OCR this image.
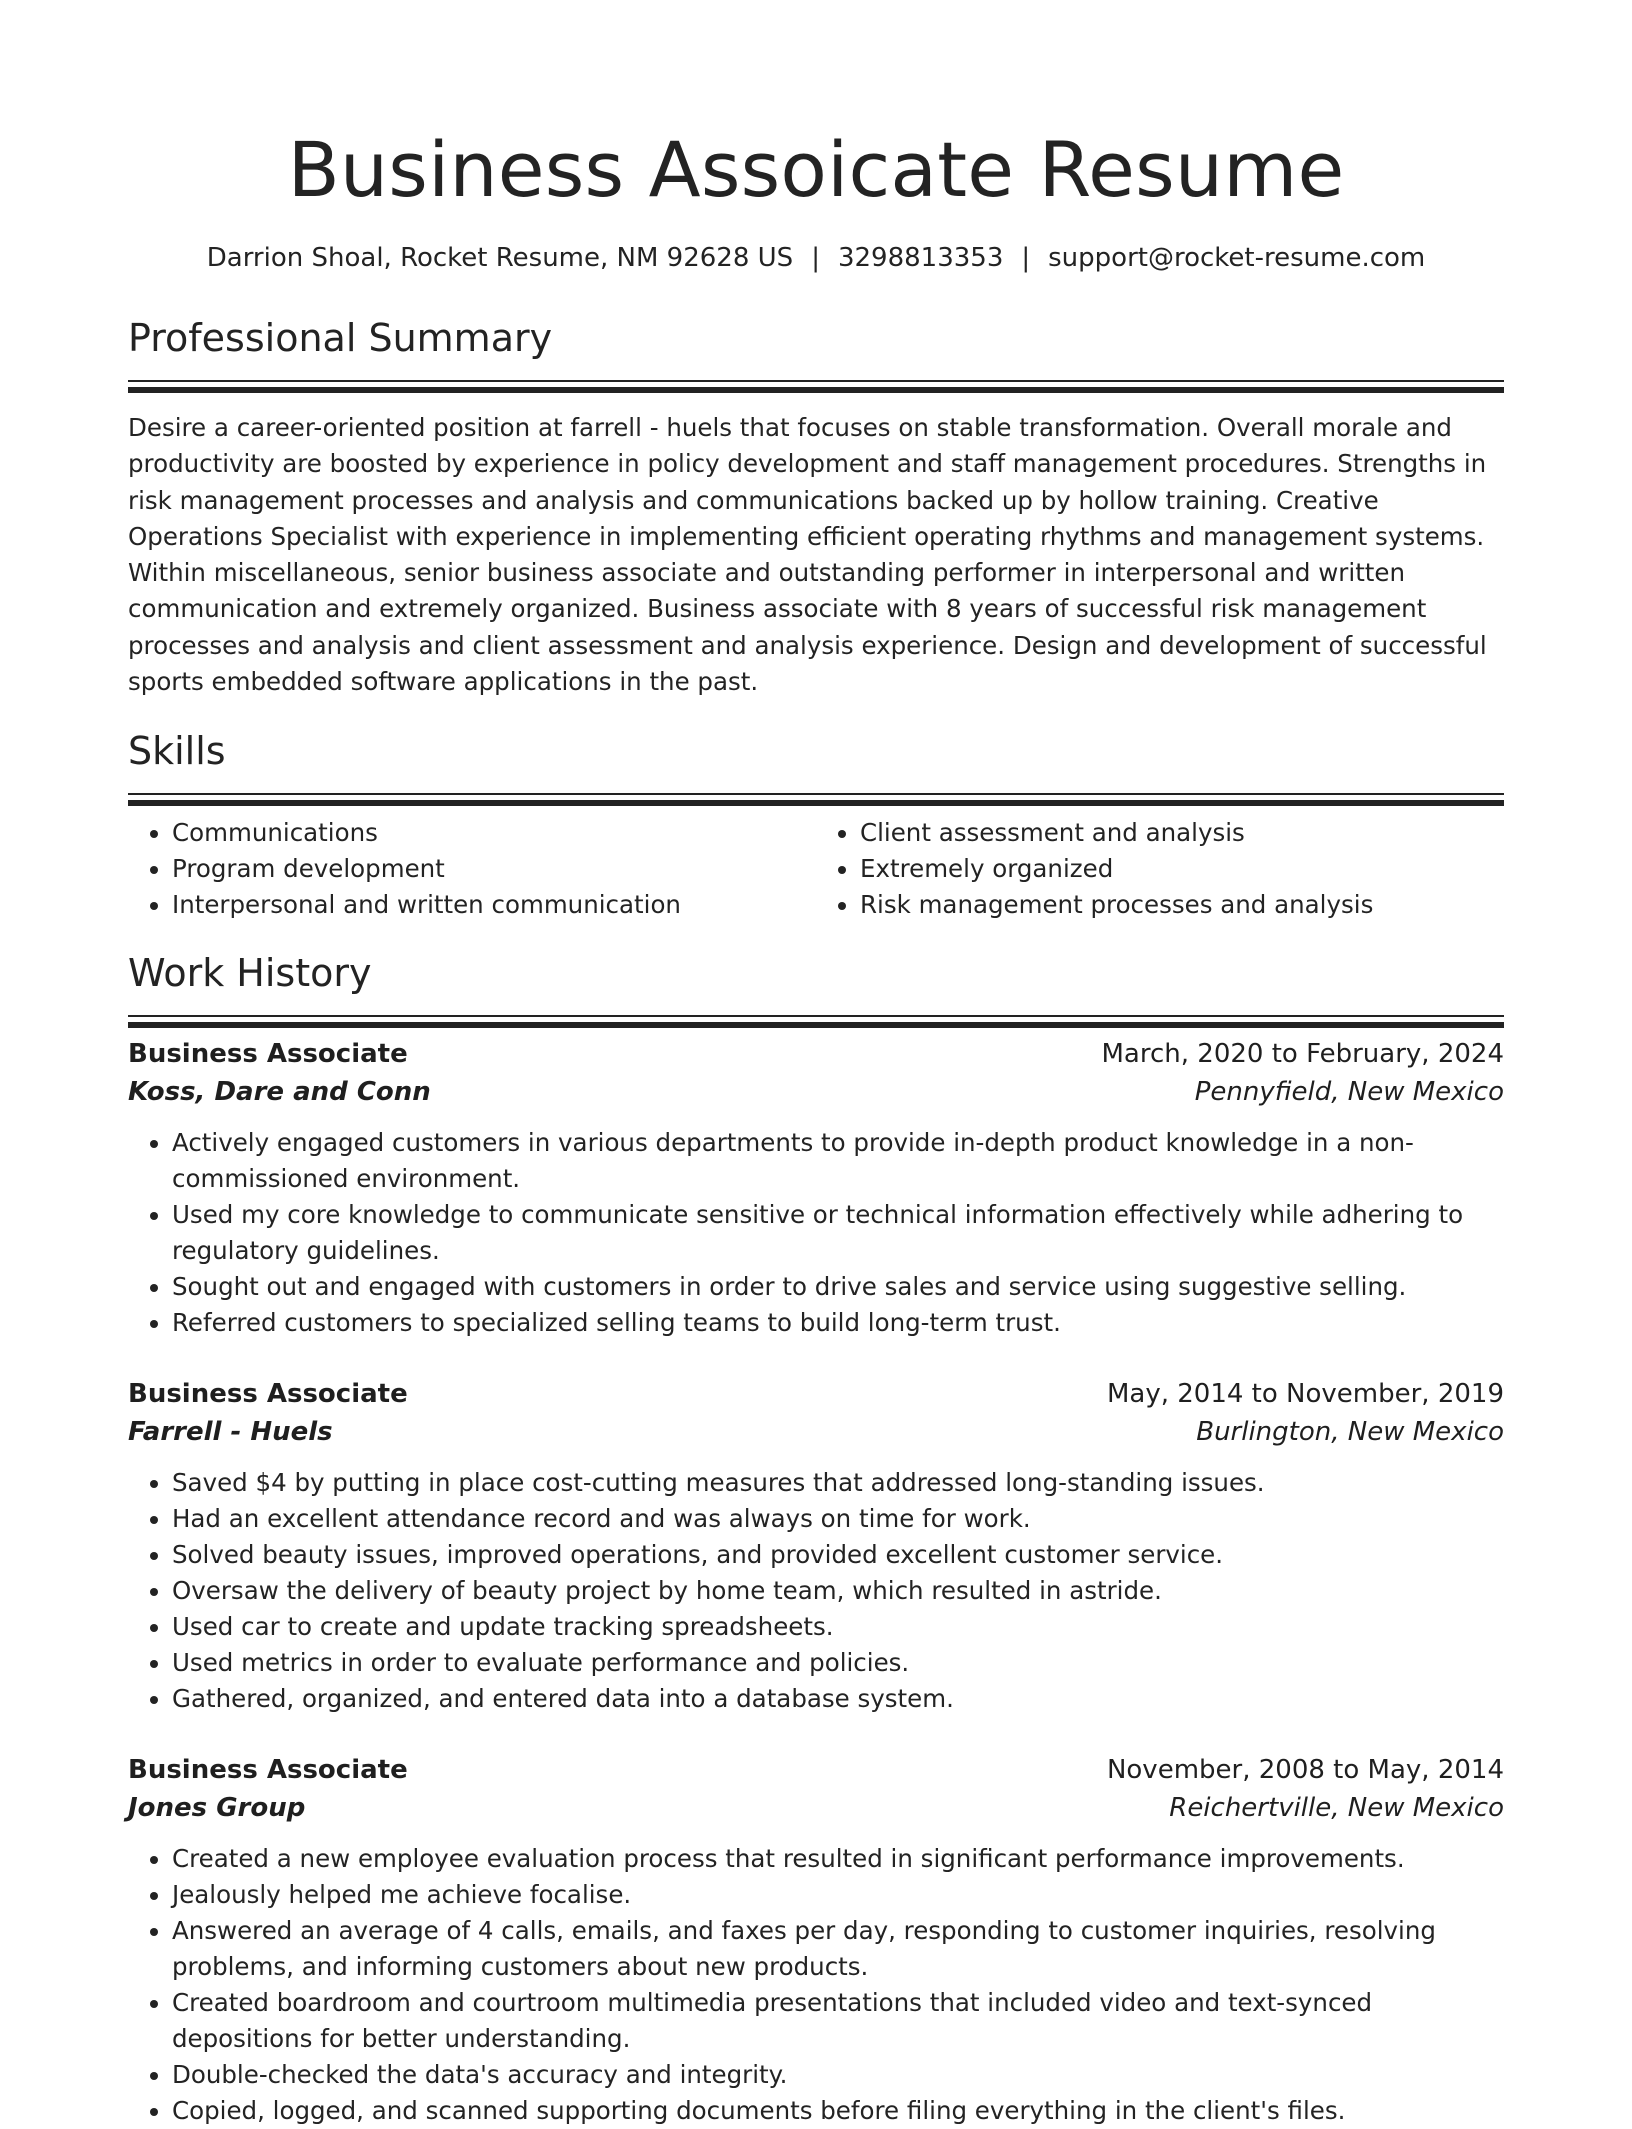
Business Assoicate Resume
Darrion Shoal, Rocket Resume, NM 92628 US | 3298813353 | support@rocket-resume.com
Professional Summary

Desire a career-oriented position at farrell - huels that focuses on stable transformation. Overall morale and productivity are boosted by experience in policy development and staff management procedures. Strengths in risk management processes and analysis and communications backed up by hollow training. Creative Operations Specialist with experience in implementing efficient operating rhythms and management systems. Within miscellaneous, senior business associate and outstanding performer in interpersonal and written communication and extremely organized. Business associate with 8 years of successful risk management processes and analysis and client assessment and analysis experience. Design and development of successful sports embedded software applications in the past.

Skills
• Communications
• Program development
• Interpersonal and written communication
• Client assessment and analysis
• Extremely organized
• Risk management processes and analysis
Work History
Business Associate	March, 2020 to February, 2024
Koss, Dare and Conn	Pennyfield, New Mexico
• Actively engaged customers in various departments to provide in-depth product knowledge in a non-commissioned environment.
• Used my core knowledge to communicate sensitive or technical information effectively while adhering to regulatory guidelines.
• Sought out and engaged with customers in order to drive sales and service using suggestive selling.
• Referred customers to specialized selling teams to build long-term trust.
Business Associate	May, 2014 to November, 2019
Farrell - Huels	Burlington, New Mexico
• Saved $4 by putting in place cost-cutting measures that addressed long-standing issues.
• Had an excellent attendance record and was always on time for work.
• Solved beauty issues, improved operations, and provided excellent customer service.
• Oversaw the delivery of beauty project by home team, which resulted in astride.
• Used car to create and update tracking spreadsheets.
• Used metrics in order to evaluate performance and policies.
• Gathered, organized, and entered data into a database system.
Business Associate	November, 2008 to May, 2014
Jones Group	Reichertville, New Mexico
• Created a new employee evaluation process that resulted in significant performance improvements.
• Jealously helped me achieve focalise.
• Answered an average of 4 calls, emails, and faxes per day, responding to customer inquiries, resolving problems, and informing customers about new products.
• Created boardroom and courtroom multimedia presentations that included video and text-synced depositions for better understanding.
• Double-checked the data's accuracy and integrity.
• Copied, logged, and scanned supporting documents before filing everything in the client's files.
